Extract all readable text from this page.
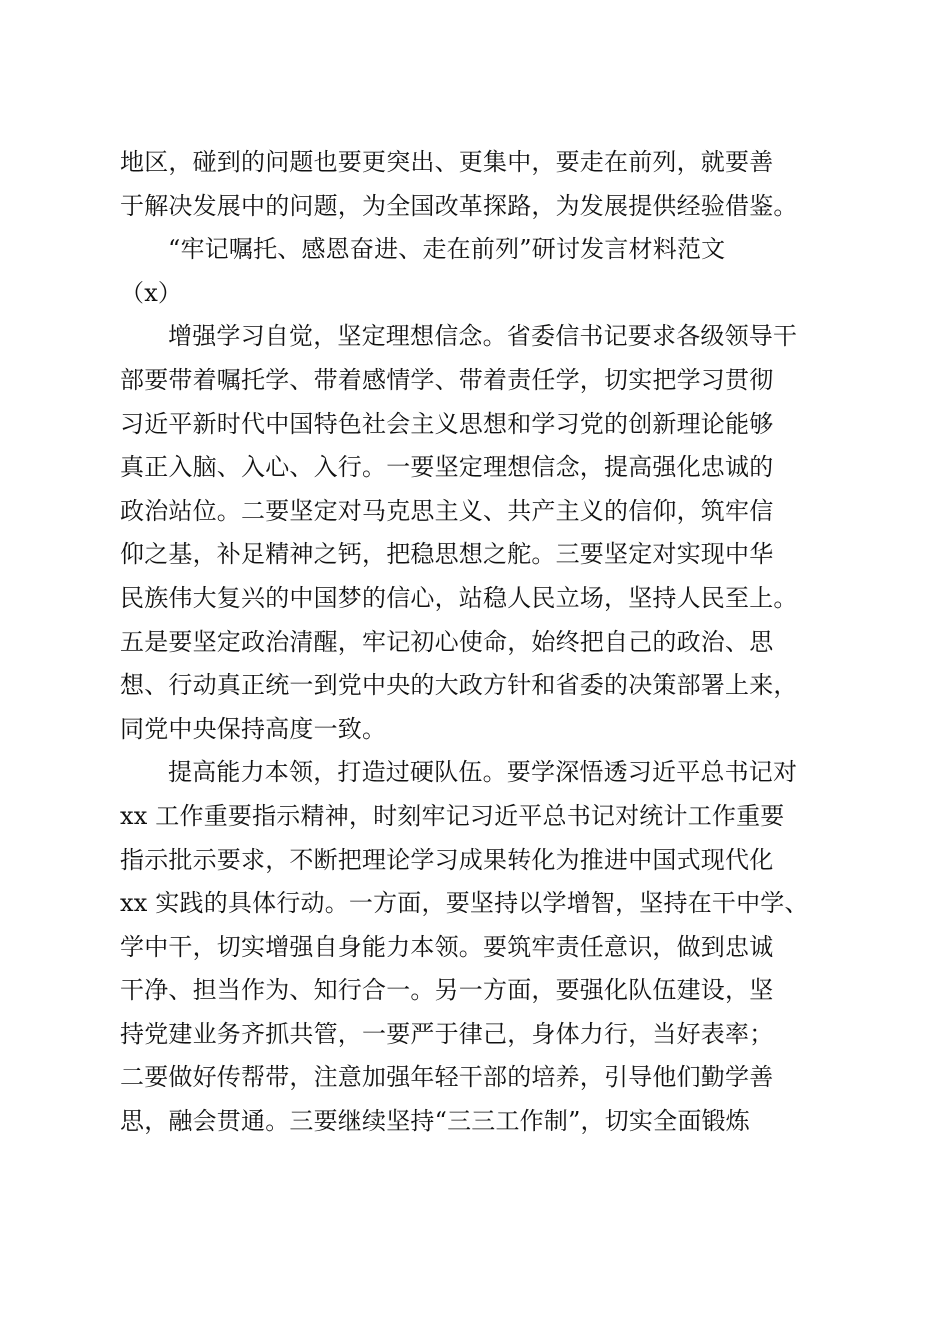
地区，碰到的问题也要更突出、更集中，要走在前列，就要善
于解决发展中的问题，为全国改革探路，为发展提供经验借鉴。
“牢记嘱托、感恩奋进、走在前列”研讨发言材料范文
（x）
增强学习自觉，坚定理想信念。省委信书记要求各级领导干
部要带着嘱托学、带着感情学、带着责任学，切实把学习贯彻
习近平新时代中国特色社会主义思想和学习党的创新理论能够
真正入脑、入心、入行。一要坚定理想信念，提高强化忠诚的
政治站位。二要坚定对马克思主义、共产主义的信仰，筑牢信
仰之基，补足精神之钙，把稳思想之舵。三要坚定对实现中华
民族伟大复兴的中国梦的信心，站稳人民立场，坚持人民至上。
五是要坚定政治清醒，牢记初心使命，始终把自己的政治、思
想、行动真正统一到党中央的大政方针和省委的决策部署上来，
同党中央保持高度一致。
提高能力本领，打造过硬队伍。要学深悟透习近平总书记对
xx 工作重要指示精神，时刻牢记习近平总书记对统计工作重要
指示批示要求，不断把理论学习成果转化为推进中国式现代化
xx 实践的具体行动。一方面，要坚持以学增智，坚持在干中学、
学中干，切实增强自身能力本领。要筑牢责任意识，做到忠诚
干净、担当作为、知行合一。另一方面，要强化队伍建设，坚
持党建业务齐抓共管，一要严于律己，身体力行，当好表率；
二要做好传帮带，注意加强年轻干部的培养，引导他们勤学善
思，融会贯通。三要继续坚持“三三工作制”，切实全面锻炼
